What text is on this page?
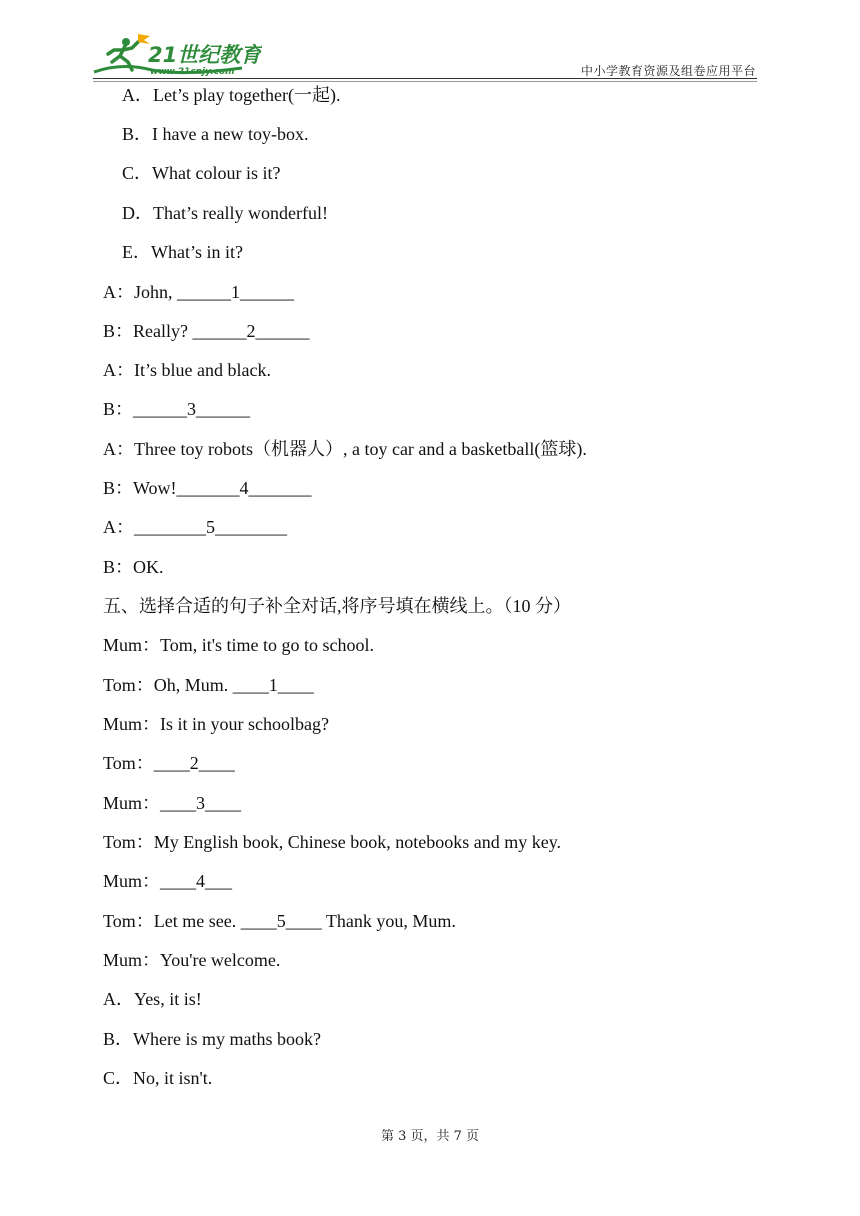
21世纪教育
www.21cnjy.com	中小学教育资源及组卷应用平台
A．Let’s play together(一起).
B．I have a new toy-box.
C．What colour is it?
D．That’s really wonderful!
E．What’s in it?
A：John, ______1______
B：Really? ______2______
A：It’s blue and black.
B：______3______
A：Three toy robots（机器人）, a toy car and a basketball(篮球).
B：Wow!_______4_______
A：________5________
B：OK.
五、选择合适的句子补全对话,将序号填在横线上。（10 分）
Mum：Tom, it's time to go to school.
Tom：Oh, Mum. ____1____
Mum：Is it in your schoolbag?
Tom：____2____
Mum：____3____
Tom：My English book, Chinese book, notebooks and my key.
Mum：____4___
Tom：Let me see. ____5____ Thank you, Mum.
Mum：You're welcome.
A．Yes, it is!
B．Where is my maths book?
C．No, it isn't.
第 3 页，共 7 页
